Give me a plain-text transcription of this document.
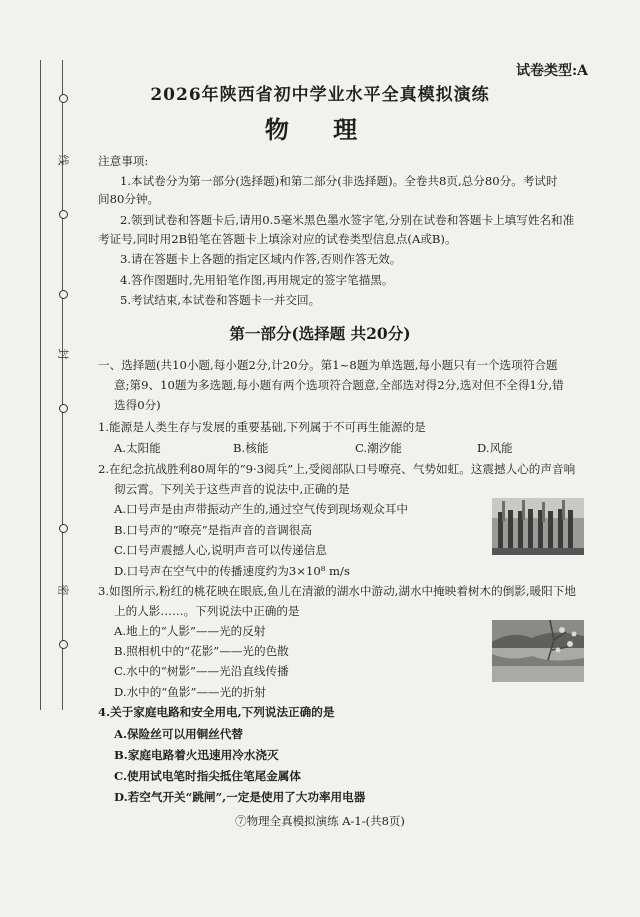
线
封
密
试卷类型:A
2026年陕西省初中学业水平全真模拟演练
物 理
注意事项:
1.本试卷分为第一部分(选择题)和第二部分(非选择题)。全卷共8页,总分80分。考试时
间80分钟。
2.领到试卷和答题卡后,请用0.5毫米黑色墨水签字笔,分别在试卷和答题卡上填写姓名和准
考证号,同时用2B铅笔在答题卡上填涂对应的试卷类型信息点(A或B)。
3.请在答题卡上各题的指定区域内作答,否则作答无效。
4.答作图题时,先用铅笔作图,再用规定的签字笔描黑。
5.考试结束,本试卷和答题卡一并交回。
第一部分(选择题 共20分)
一、选择题(共10小题,每小题2分,计20分。第1~8题为单选题,每小题只有一个选项符合题
意;第9、10题为多选题,每小题有两个选项符合题意,全部选对得2分,选对但不全得1分,错
选得0分)
1.能源是人类生存与发展的重要基础,下列属于不可再生能源的是
A.太阳能	B.核能	C.潮汐能	D.风能
2.在纪念抗战胜利80周年的“9·3阅兵”上,受阅部队口号嘹亮、气势如虹。这震撼人心的声音响
彻云霄。下列关于这些声音的说法中,正确的是
A.口号声是由声带振动产生的,通过空气传到现场观众耳中
B.口号声的“嘹亮”是指声音的音调很高
C.口号声震撼人心,说明声音可以传递信息
D.口号声在空气中的传播速度约为3×10⁸ m/s
3.如图所示,粉红的桃花映在眼底,鱼儿在清澈的湖水中游动,湖水中掩映着树木的倒影,暖阳下地
上的人影……。下列说法中正确的是
A.地上的“人影”——光的反射
B.照相机中的“花影”——光的色散
C.水中的“树影”——光沿直线传播
D.水中的“鱼影”——光的折射
4.关于家庭电路和安全用电,下列说法正确的是
A.保险丝可以用铜丝代替
B.家庭电路着火迅速用冷水浇灭
C.使用试电笔时指尖抵住笔尾金属体
D.若空气开关“跳闸”,一定是使用了大功率用电器
⑦物理全真模拟演练 A-1-(共8页)
